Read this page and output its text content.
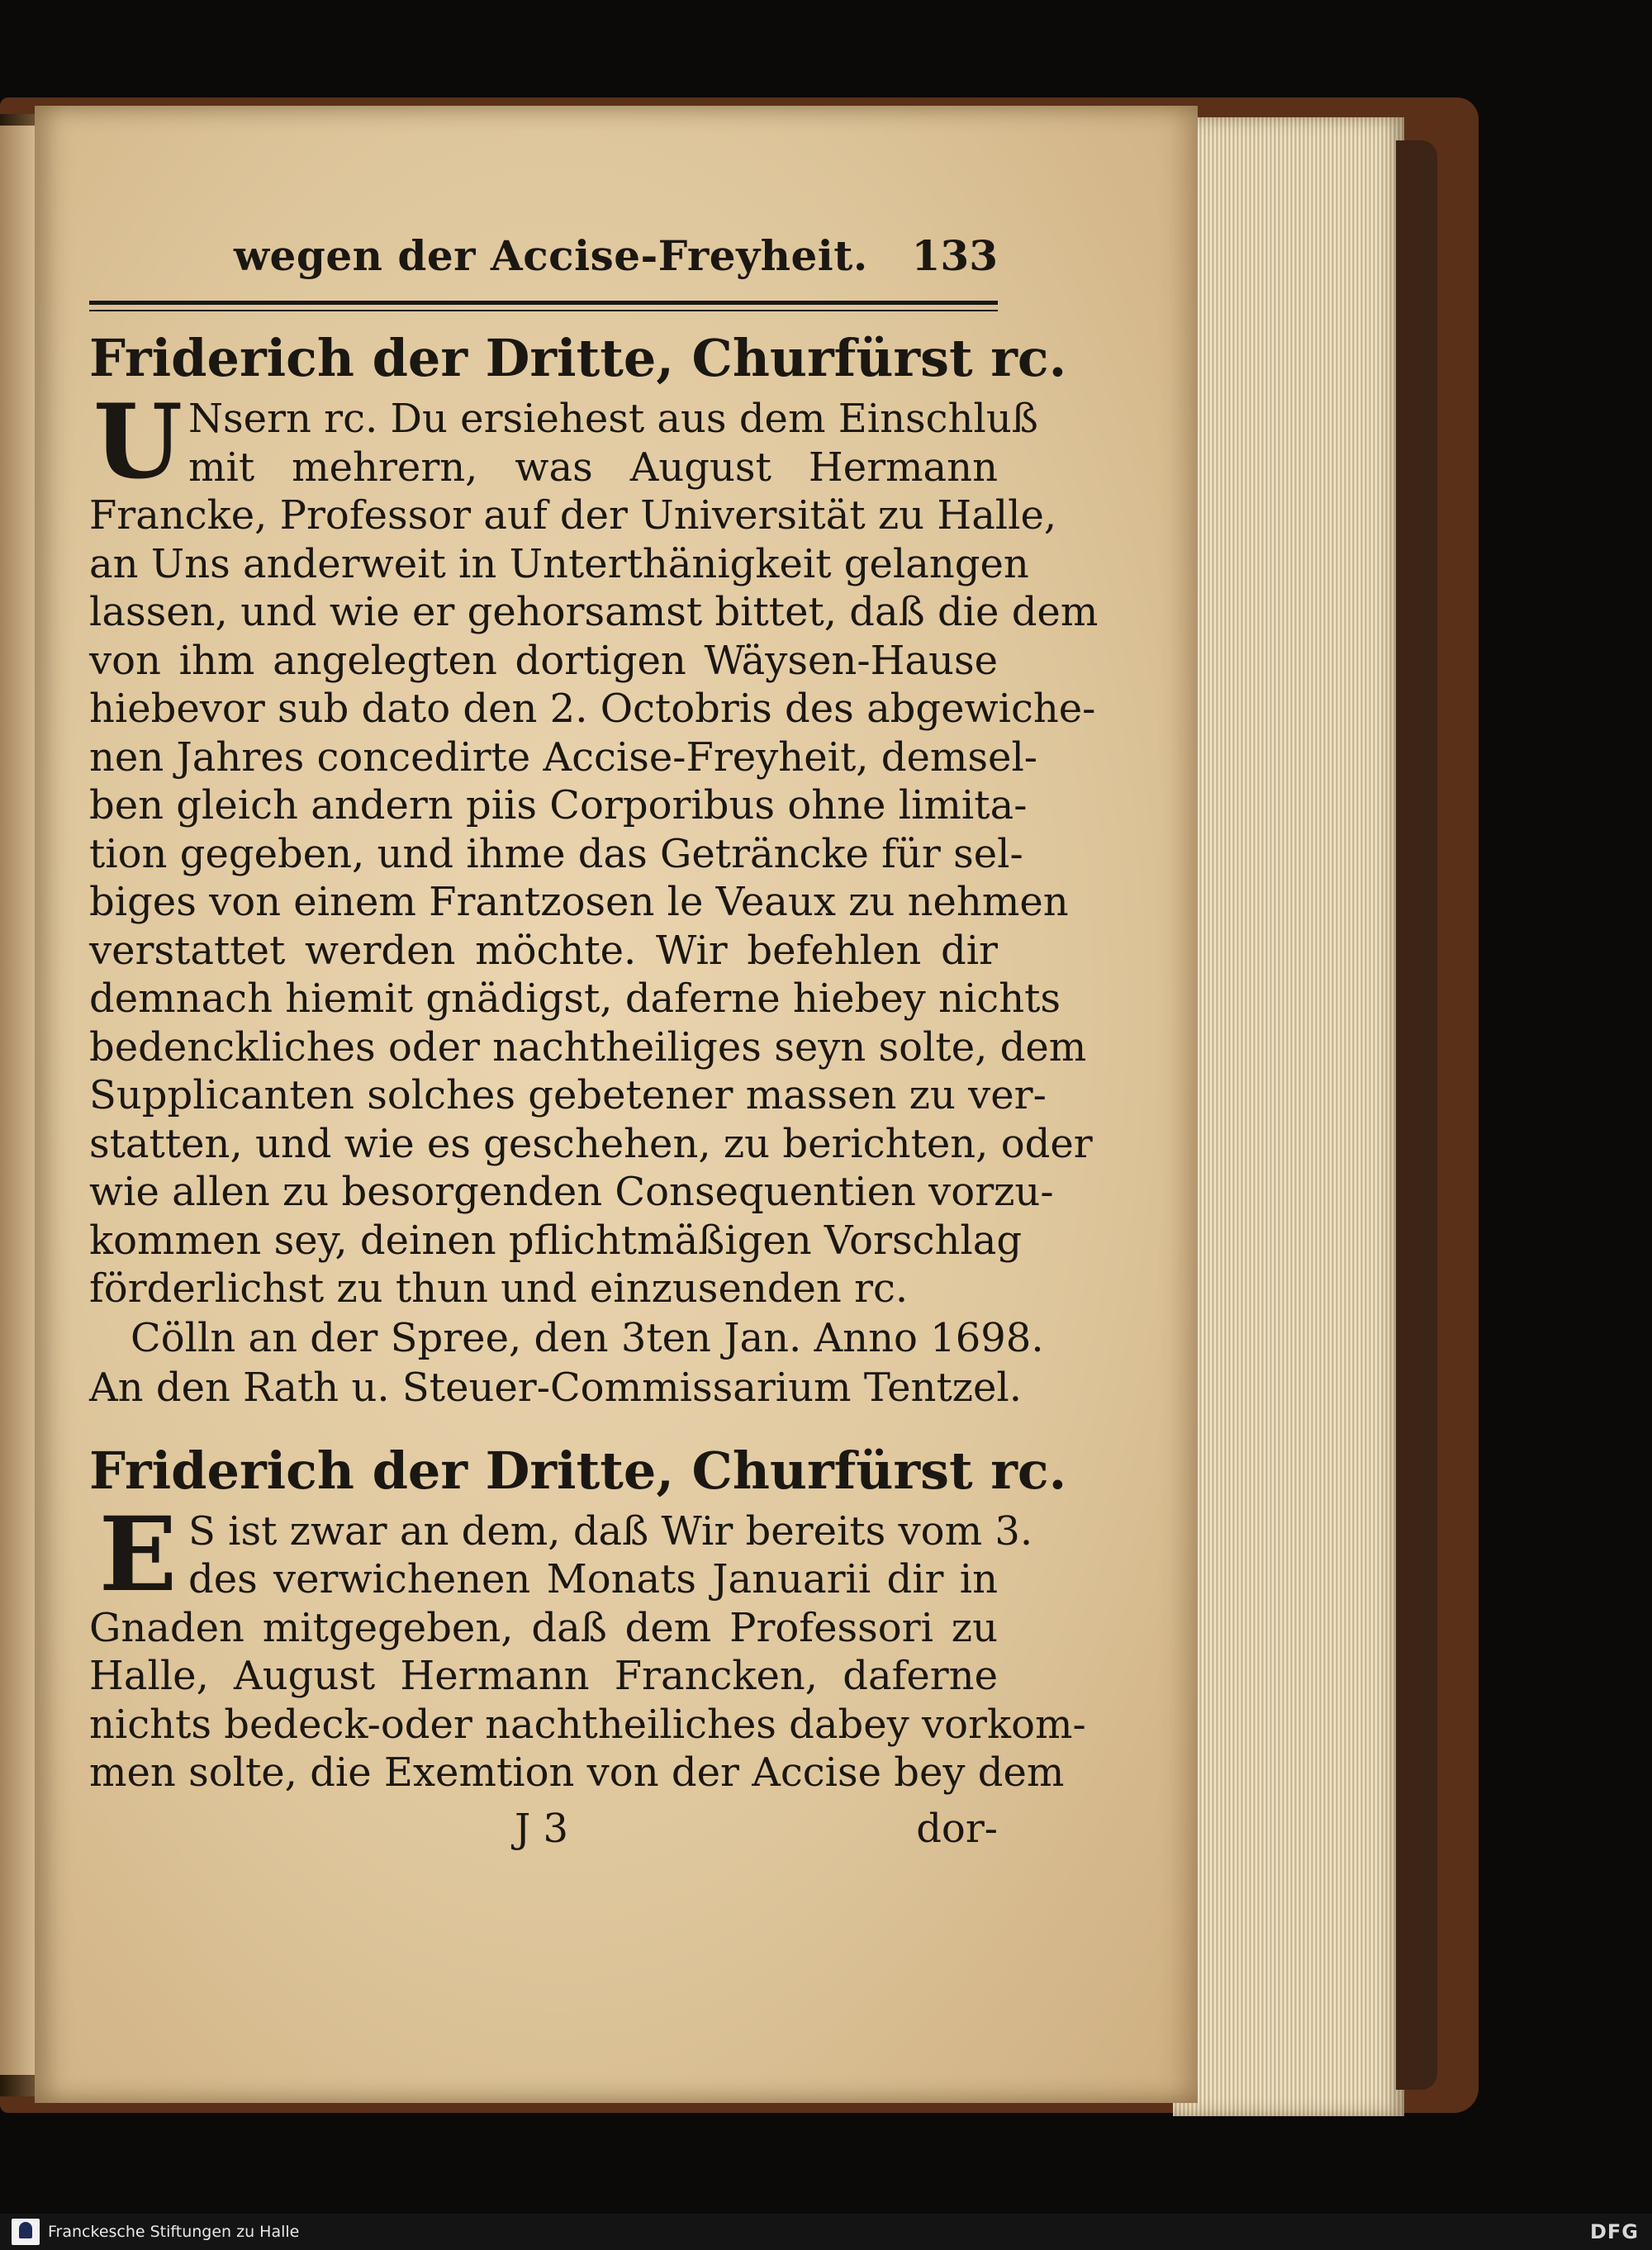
wegen der Accise-Freyheit. 133
Friderich der Dritte, Churfürst rc.
U Nsern rc. Du ersiehest aus dem Einschluß
mit mehrern, was August Hermann
Francke, Professor auf der Universität zu Halle,
an Uns anderweit in Unterthänigkeit gelangen
lassen, und wie er gehorsamst bittet, daß die dem
von ihm angelegten dortigen Wäysen-Hause
hiebevor sub dato den 2. Octobris des abgewiche-
nen Jahres concedirte Accise-Freyheit, demsel-
ben gleich andern piis Corporibus ohne limita-
tion gegeben, und ihme das Geträncke für sel-
biges von einem Frantzosen le Veaux zu nehmen
verstattet werden möchte. Wir befehlen dir
demnach hiemit gnädigst, daferne hiebey nichts
bedenckliches oder nachtheiliges seyn solte, dem
Supplicanten solches gebetener massen zu ver-
statten, und wie es geschehen, zu berichten, oder
wie allen zu besorgenden Consequentien vorzu-
kommen sey, deinen pflichtmäßigen Vorschlag
förderlichst zu thun und einzusenden rc.
Cölln an der Spree, den 3ten Jan. Anno 1698.
An den Rath u. Steuer-Commissarium Tentzel.
Friderich der Dritte, Churfürst rc.
E S ist zwar an dem, daß Wir bereits vom 3.
des verwichenen Monats Januarii dir in
Gnaden mitgegeben, daß dem Professori zu
Halle, August Hermann Francken, daferne
nichts bedeck-oder nachtheiliches dabey vorkom-
men solte, die Exemtion von der Accise bey dem
J 3	dor-
Franckesche Stiftungen zu Halle	DFG
